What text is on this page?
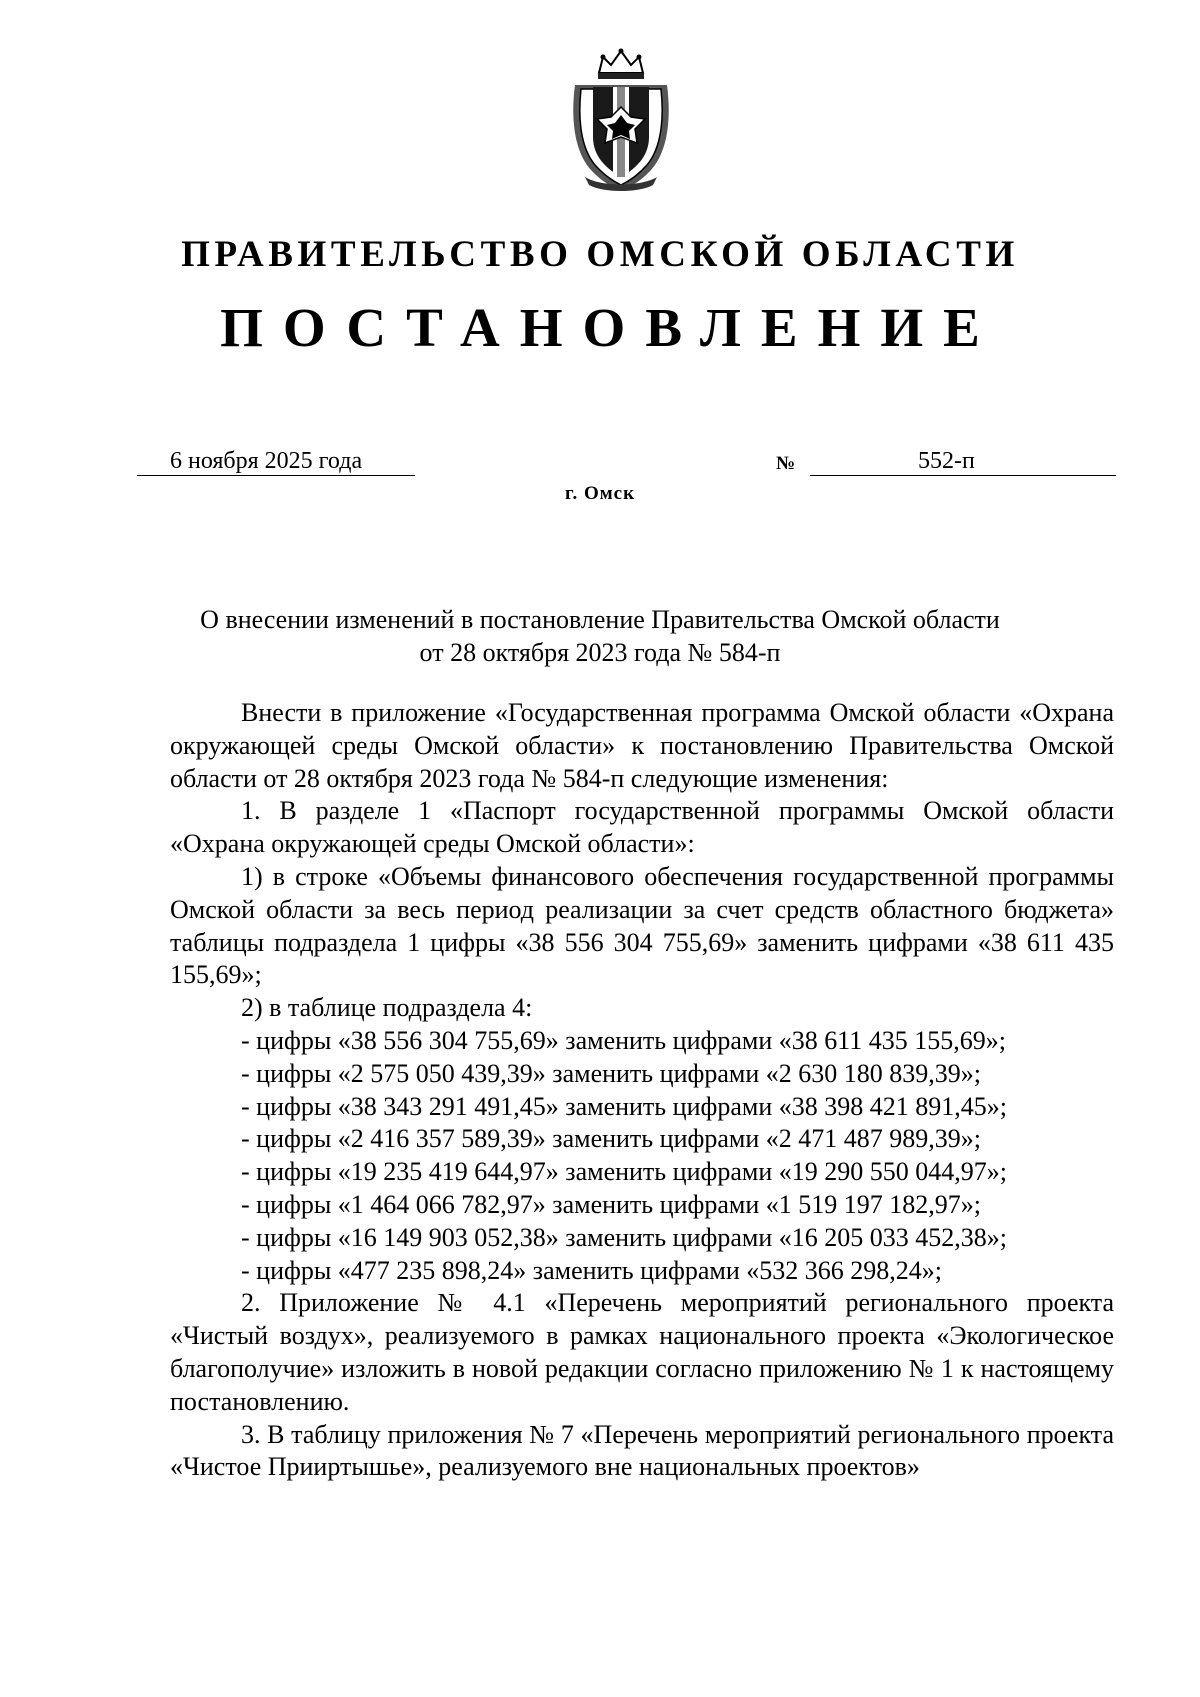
ПРАВИТЕЛЬСТВО ОМСКОЙ ОБЛАСТИ
ПОСТАНОВЛЕНИЕ
6 ноября 2025 года	№	552-п
г. Омск
О внесении изменений в постановление Правительства Омской области
от 28 октября 2023 года № 584-п

Внести в приложение «Государственная программа Омской области «Охрана окружающей среды Омской области» к постановлению Правительства Омской области от 28 октября 2023 года № 584-п следующие изменения:

1. В разделе 1 «Паспорт государственной программы Омской области «Охрана окружающей среды Омской области»:

1) в строке «Объемы финансового обеспечения государственной программы Омской области за весь период реализации за счет средств областного бюджета» таблицы подраздела 1 цифры «38 556 304 755,69» заменить цифрами «38 611 435 155,69»;

2) в таблице подраздела 4:

- цифры «38 556 304 755,69» заменить цифрами «38 611 435 155,69»;

- цифры «2 575 050 439,39» заменить цифрами «2 630 180 839,39»;

- цифры «38 343 291 491,45» заменить цифрами «38 398 421 891,45»;

- цифры «2 416 357 589,39» заменить цифрами «2 471 487 989,39»;

- цифры «19 235 419 644,97» заменить цифрами «19 290 550 044,97»;

- цифры «1 464 066 782,97» заменить цифрами «1 519 197 182,97»;

- цифры «16 149 903 052,38» заменить цифрами «16 205 033 452,38»;

- цифры «477 235 898,24» заменить цифрами «532 366 298,24»;

2. Приложение № 4.1 «Перечень мероприятий регионального проекта «Чистый воздух», реализуемого в рамках национального проекта «Экологическое благополучие» изложить в новой редакции согласно приложению № 1 к настоящему постановлению.

3. В таблицу приложения № 7 «Перечень мероприятий регионального проекта «Чистое Прииртышье», реализуемого вне национальных проектов»
